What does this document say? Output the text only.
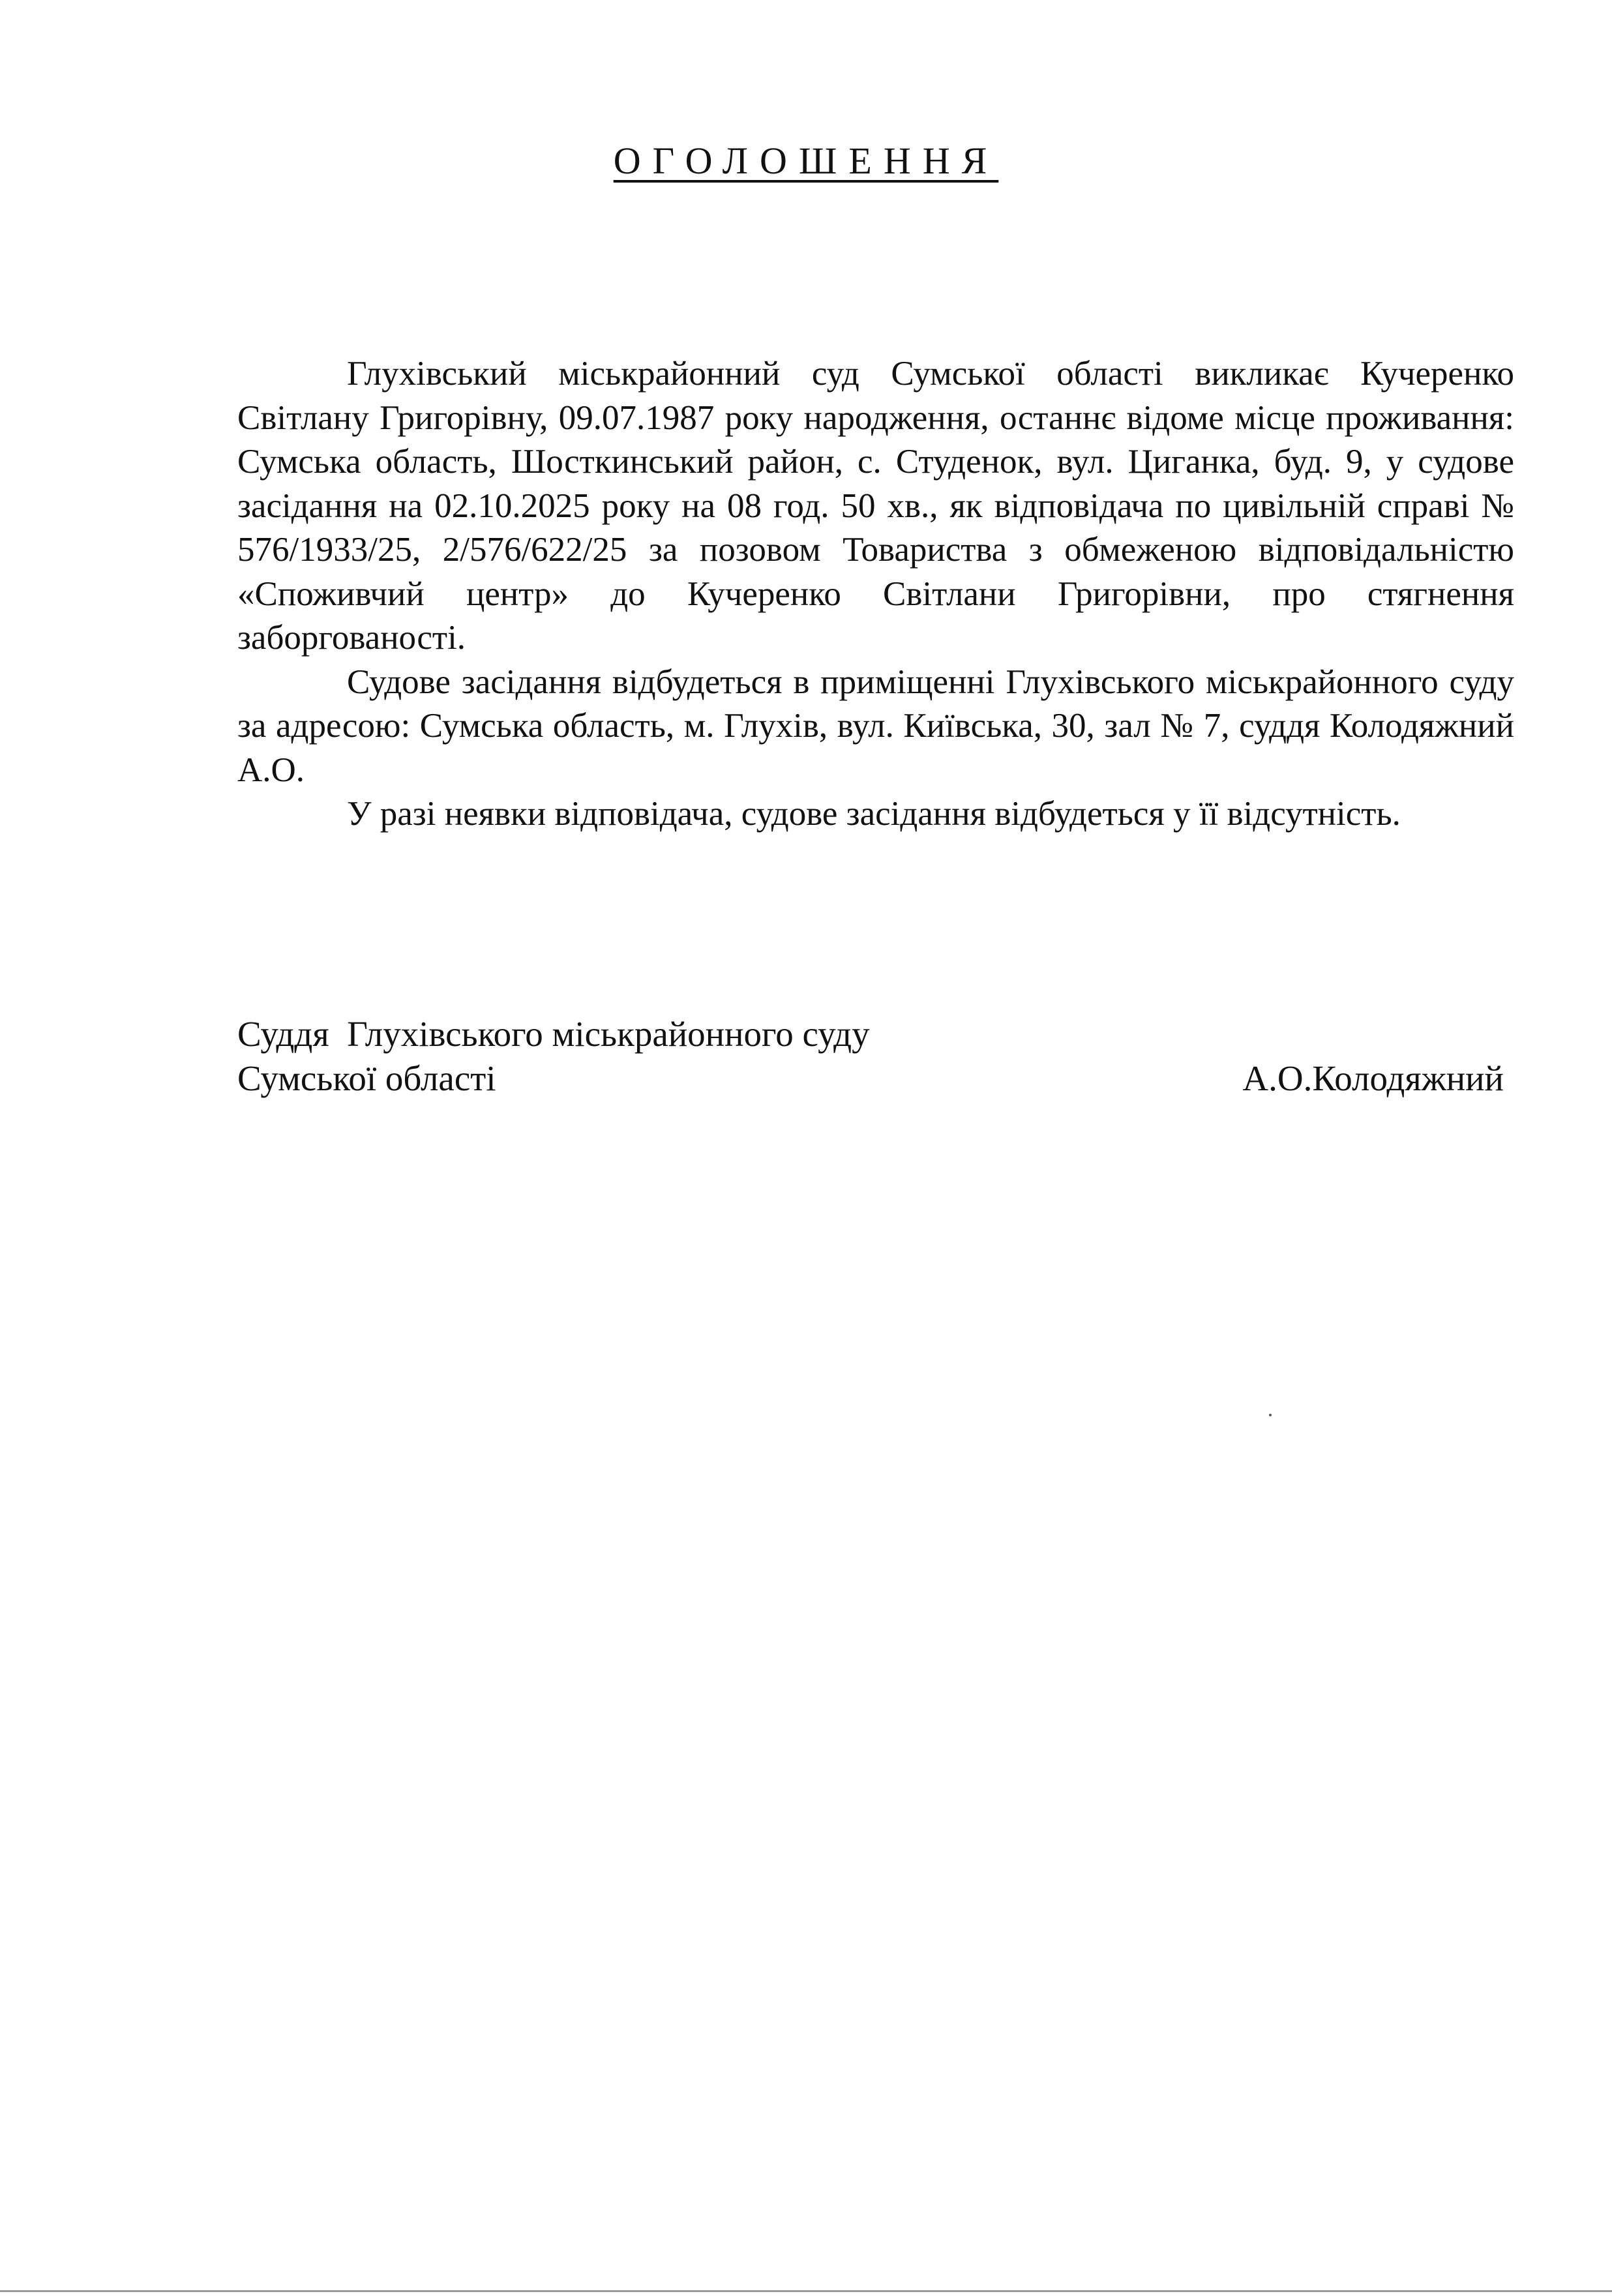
ОГОЛОШЕННЯ

Глухівський міськрайонний суд Сумської області викликає Кучеренко Світлану Григорівну, 09.07.1987 року народження, останнє відоме місце проживання: Сумська область, Шосткинський район, с. Студенок, вул. Циганка, буд. 9, у судове засідання на 02.10.2025 року на 08 год. 50 хв., як відповідача по цивільній справі № 576/1933/25, 2/576/622/25 за позовом Товариства з обмеженою відповідальністю «Споживчий центр» до Кучеренко Світлани Григорівни, про стягнення заборгованості.

Судове засідання відбудеться в приміщенні Глухівського міськрайонного суду за адресою: Сумська область, м. Глухів, вул. Київська, 30, зал № 7, суддя Колодяжний А.О.

У разі неявки відповідача, судове засідання відбудеться у її відсутність.

Суддя  Глухівського міськрайонного суду
Сумської області	А.О.Колодяжний
